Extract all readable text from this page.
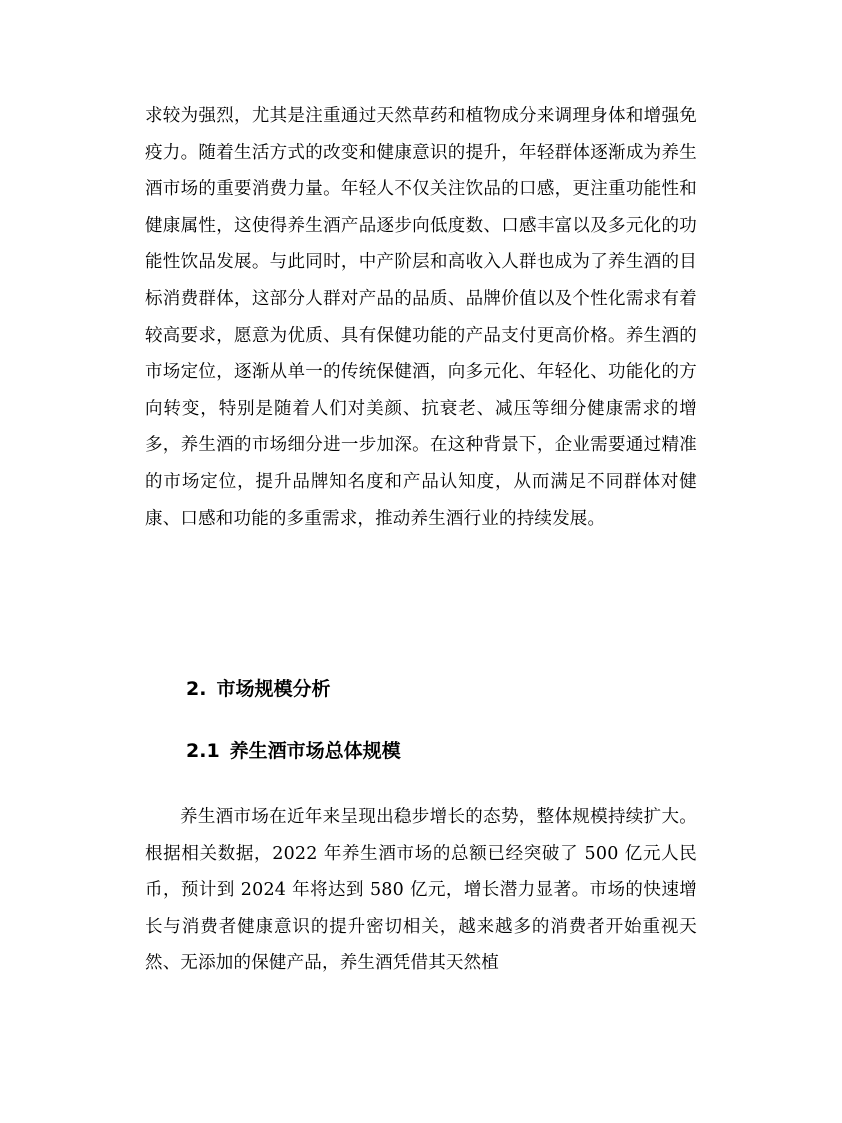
求较为强烈，尤其是注重通过天然草药和植物成分来调理身体和增强免疫力。随着生活方式的改变和健康意识的提升，年轻群体逐渐成为养生酒市场的重要消费力量。年轻人不仅关注饮品的口感，更注重功能性和健康属性，这使得养生酒产品逐步向低度数、口感丰富以及多元化的功能性饮品发展。与此同时，中产阶层和高收入人群也成为了养生酒的目标消费群体，这部分人群对产品的品质、品牌价值以及个性化需求有着较高要求，愿意为优质、具有保健功能的产品支付更高价格。养生酒的市场定位，逐渐从单一的传统保健酒，向多元化、年轻化、功能化的方向转变，特别是随着人们对美颜、抗衰老、减压等细分健康需求的增多，养生酒的市场细分进一步加深。在这种背景下，企业需要通过精准的市场定位，提升品牌知名度和产品认知度，从而满足不同群体对健康、口感和功能的多重需求，推动养生酒行业的持续发展。

2. 市场规模分析
2.1 养生酒市场总体规模

养生酒市场在近年来呈现出稳步增长的态势，整体规模持续扩大。根据相关数据，2022 年养生酒市场的总额已经突破了 500 亿元人民币，预计到 2024 年将达到 580 亿元，增长潜力显著。市场的快速增长与消费者健康意识的提升密切相关，越来越多的消费者开始重视天然、无添加的保健产品，养生酒凭借其天然植
